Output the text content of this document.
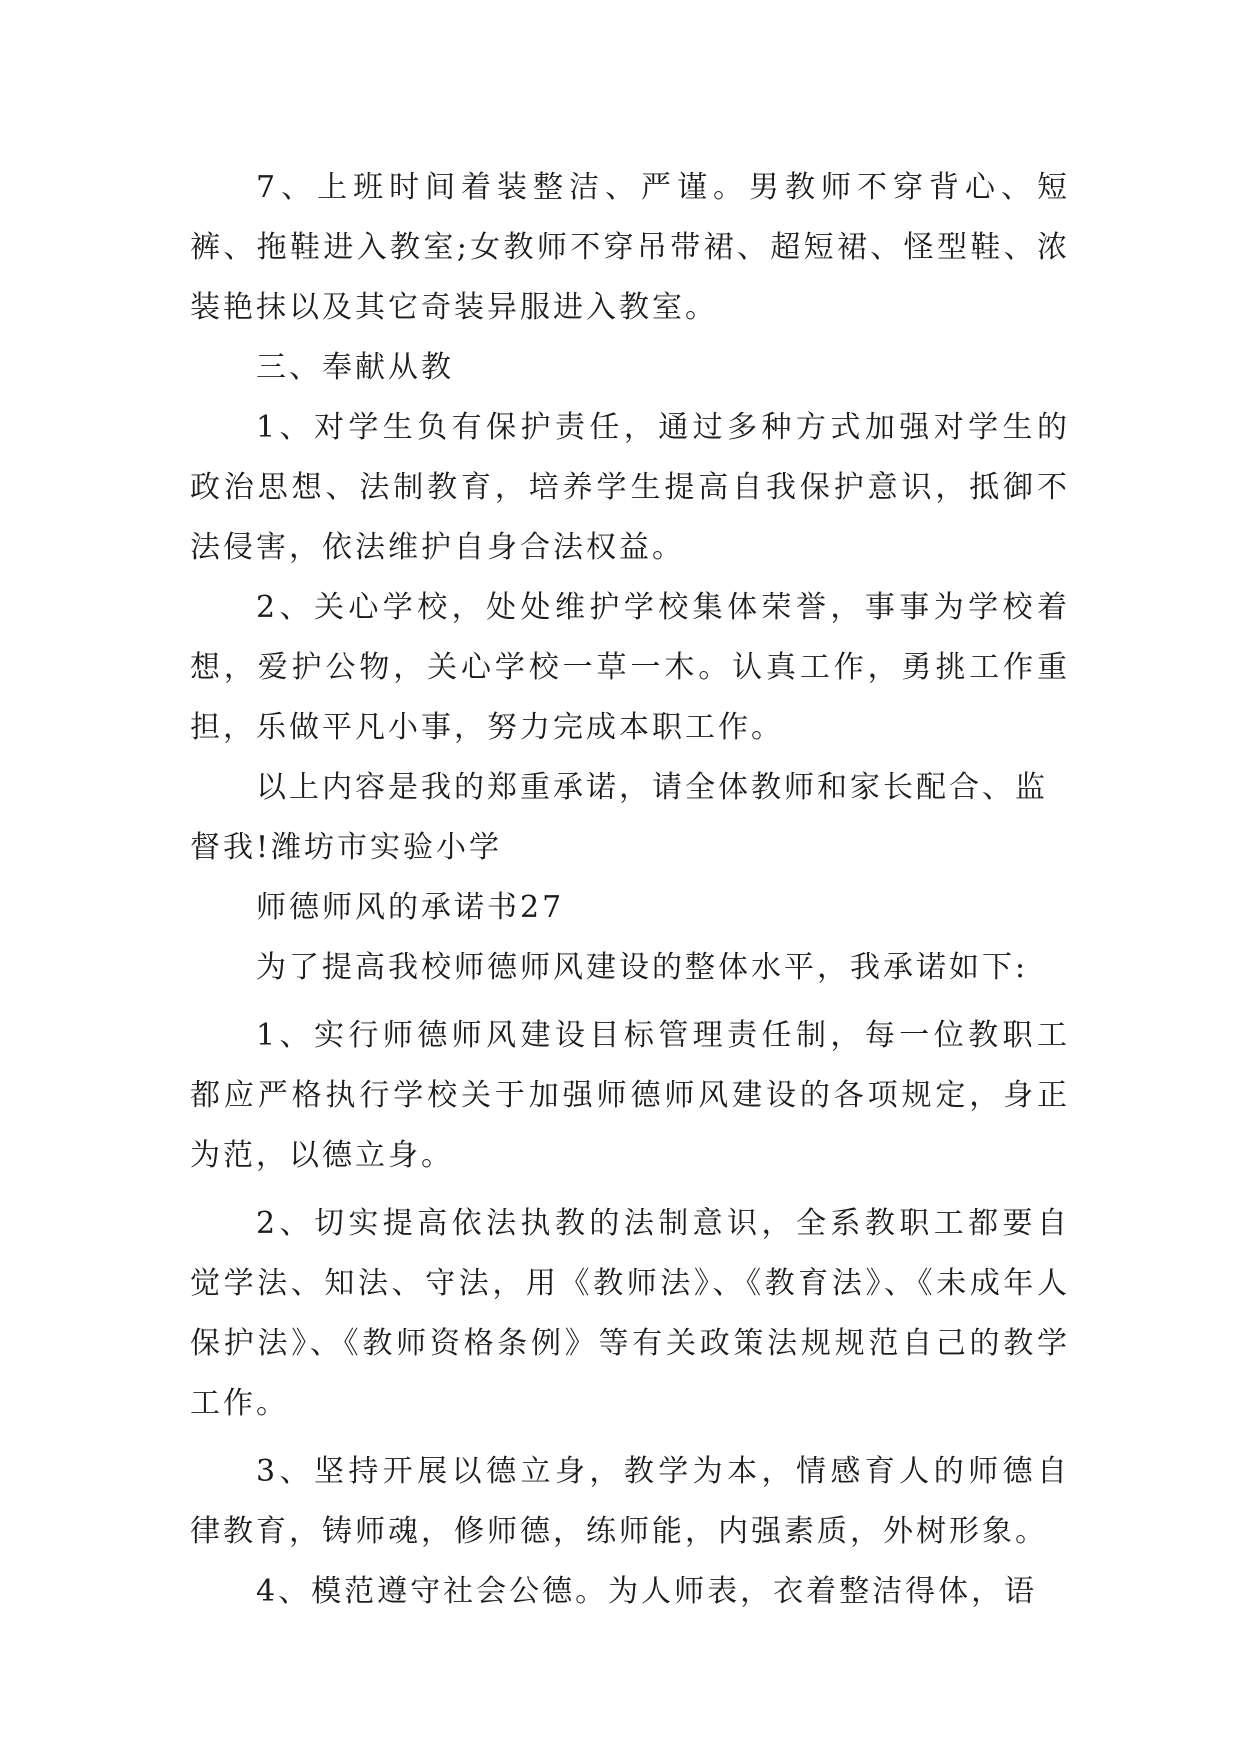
7、上班时间着装整洁、严谨。男教师不穿背心、短裤、拖鞋进入教室;女教师不穿吊带裙、超短裙、怪型鞋、浓装艳抹以及其它奇装异服进入教室。

三、奉献从教

1、对学生负有保护责任，通过多种方式加强对学生的政治思想、法制教育，培养学生提高自我保护意识，抵御不法侵害，依法维护自身合法权益。

2、关心学校，处处维护学校集体荣誉，事事为学校着想，爱护公物，关心学校一草一木。认真工作，勇挑工作重担，乐做平凡小事，努力完成本职工作。

以上内容是我的郑重承诺，请全体教师和家长配合、监督我!潍坊市实验小学

师德师风的承诺书27

为了提高我校师德师风建设的整体水平，我承诺如下:

1、实行师德师风建设目标管理责任制，每一位教职工都应严格执行学校关于加强师德师风建设的各项规定，身正为范，以德立身。

2、切实提高依法执教的法制意识，全系教职工都要自觉学法、知法、守法，用《教师法》、《教育法》、《未成年人保护法》、《教师资格条例》等有关政策法规规范自己的教学工作。

3、坚持开展以德立身，教学为本，情感育人的师德自律教育，铸师魂，修师德，练师能，内强素质，外树形象。

4、模范遵守社会公德。为人师表，衣着整洁得体，语
